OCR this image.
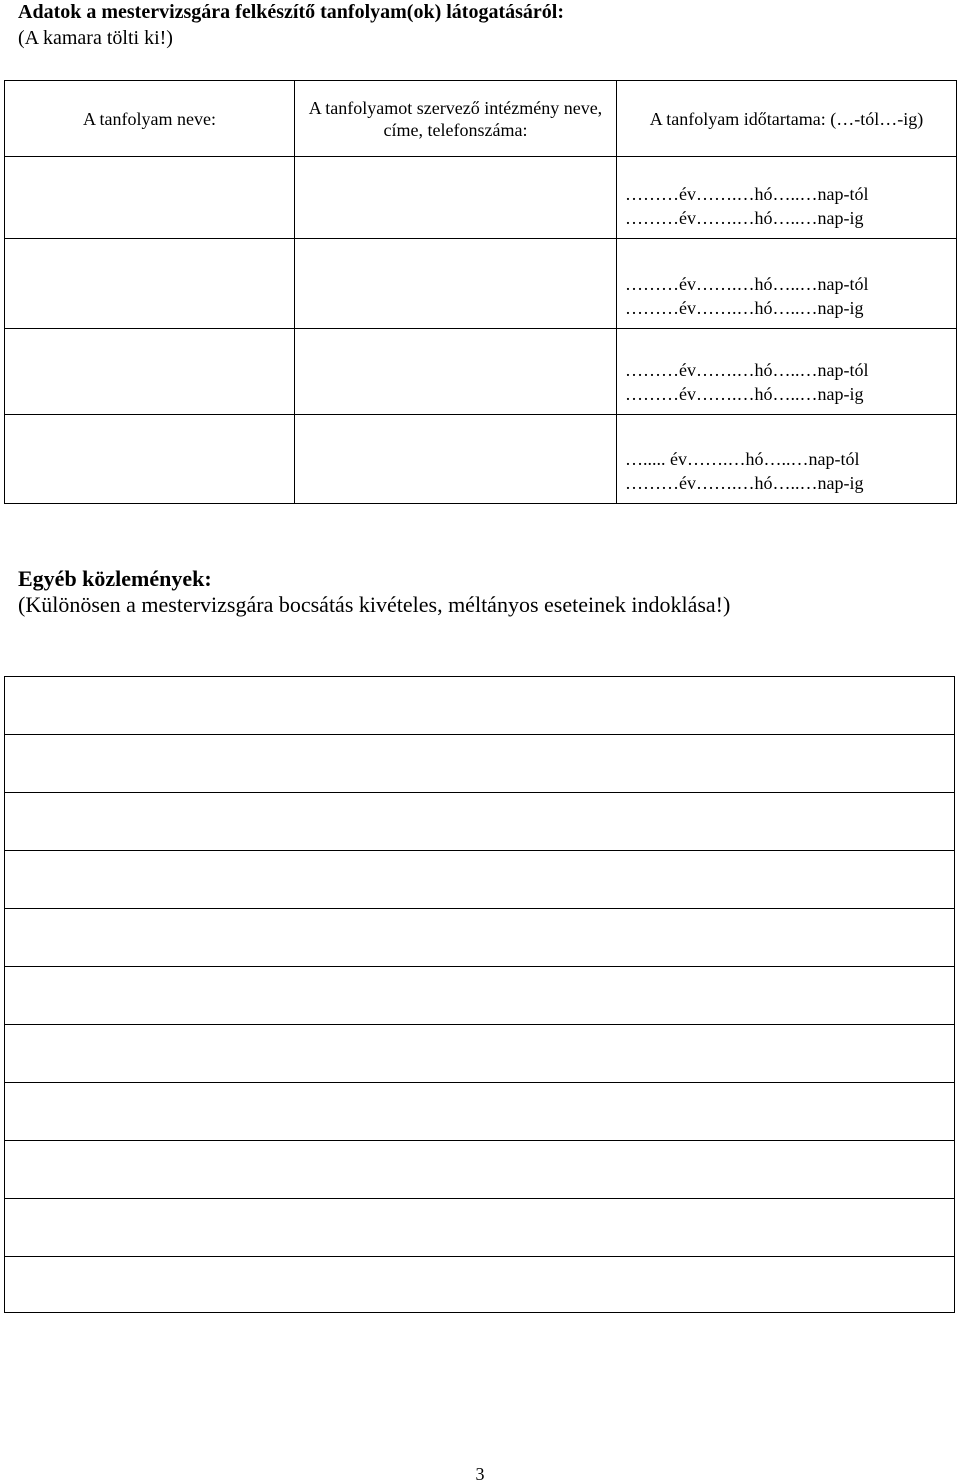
Adatok a mestervizsgára felkészítő tanfolyam(ok) látogatásáról:

(A kamara tölti ki!)

A tanfolyam neve:	A tanfolyamot szervező intézmény neve, címe, telefonszáma:	A tanfolyam időtartama: (…-tól…-ig)

		………év…….…hó…..…nap-tól
………év…….…hó…..…nap-ig

		………év…….…hó…..…nap-tól
………év…….…hó…..…nap-ig

		………év…….…hó…..…nap-tól
………év…….…hó…..…nap-ig

		…..... év…….…hó…..…nap-tól
………év…….…hó…..…nap-ig

Egyéb közlemények:

(Különösen a mestervizsgára bocsátás kivételes, méltányos eseteinek indoklása!)

3
